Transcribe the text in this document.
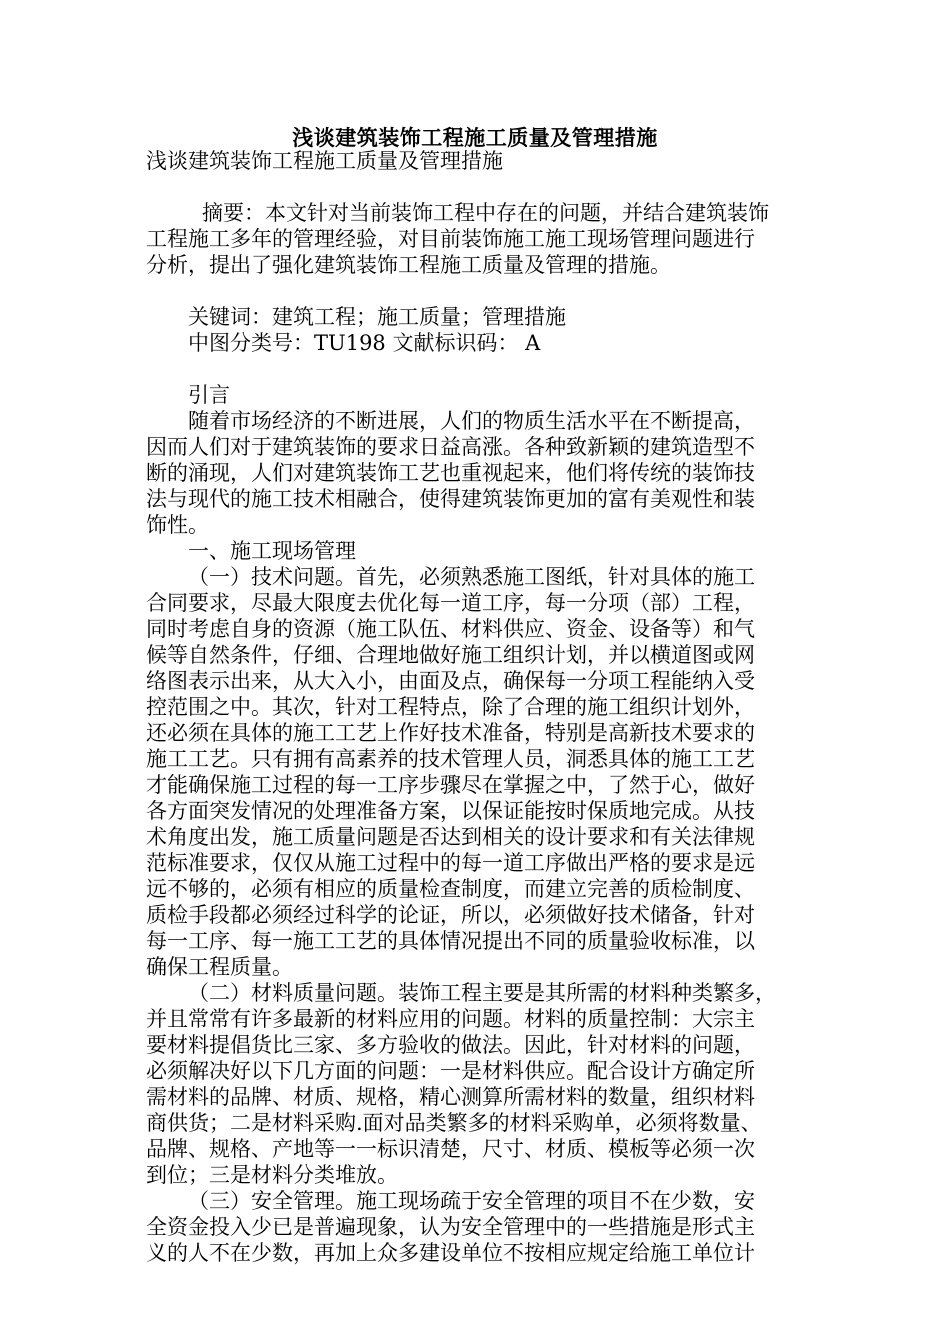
浅谈建筑装饰工程施工质量及管理措施
浅谈建筑装饰工程施工质量及管理措施
摘要：本文针对当前装饰工程中存在的问题，并结合建筑装饰
工程施工多年的管理经验，对目前装饰施工施工现场管理问题进行
分析，提出了强化建筑装饰工程施工质量及管理的措施。
关键词：建筑工程；施工质量；管理措施
中图分类号：TU198 文献标识码： A
引言
随着市场经济的不断进展，人们的物质生活水平在不断提高，
因而人们对于建筑装饰的要求日益高涨。各种致新颖的建筑造型不
断的涌现，人们对建筑装饰工艺也重视起来，他们将传统的装饰技
法与现代的施工技术相融合，使得建筑装饰更加的富有美观性和装
饰性。
一、施工现场管理
（一）技术问题。首先，必须熟悉施工图纸，针对具体的施工
合同要求，尽最大限度去优化每一道工序，每一分项（部）工程，
同时考虑自身的资源（施工队伍、材料供应、资金、设备等）和气
候等自然条件，仔细、合理地做好施工组织计划，并以横道图或网
络图表示出来，从大入小，由面及点，确保每一分项工程能纳入受
控范围之中。其次，针对工程特点，除了合理的施工组织计划外，
还必须在具体的施工工艺上作好技术准备，特别是高新技术要求的
施工工艺。只有拥有高素养的技术管理人员，洞悉具体的施工工艺
才能确保施工过程的每一工序步骤尽在掌握之中，了然于心，做好
各方面突发情况的处理准备方案，以保证能按时保质地完成。从技
术角度出发，施工质量问题是否达到相关的设计要求和有关法律规
范标准要求，仅仅从施工过程中的每一道工序做出严格的要求是远
远不够的，必须有相应的质量检查制度，而建立完善的质检制度、
质检手段都必须经过科学的论证，所以，必须做好技术储备，针对
每一工序、每一施工工艺的具体情况提出不同的质量验收标准，以
确保工程质量。
（二）材料质量问题。装饰工程主要是其所需的材料种类繁多，
并且常常有许多最新的材料应用的问题。材料的质量控制：大宗主
要材料提倡货比三家、多方验收的做法。因此，针对材料的问题，
必须解决好以下几方面的问题：一是材料供应。配合设计方确定所
需材料的品牌、材质、规格，精心测算所需材料的数量，组织材料
商供货；二是材料采购.面对品类繁多的材料采购单，必须将数量、
品牌、规格、产地等一一标识清楚，尺寸、材质、模板等必须一次
到位；三是材料分类堆放。
（三）安全管理。施工现场疏于安全管理的项目不在少数，安
全资金投入少已是普遍现象，认为安全管理中的一些措施是形式主
义的人不在少数，再加上众多建设单位不按相应规定给施工单位计
